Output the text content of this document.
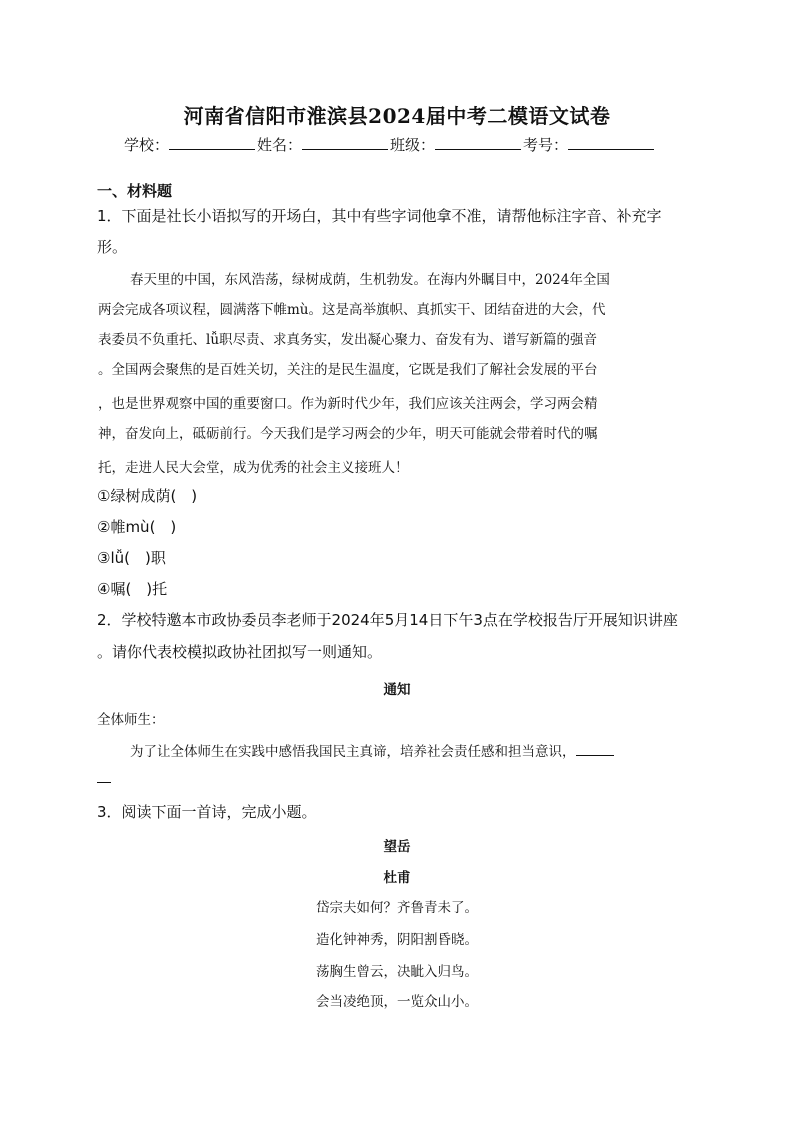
河南省信阳市淮滨县2024届中考二模语文试卷
学校：	姓名：	班级：	考号：
一、材料题
1．下面是社长小语拟写的开场白，其中有些字词他拿不准，请帮他标注字音、补充字
形。
春天里的中国，东风浩荡，绿树成荫，生机勃发。在海内外瞩目中，2024年全国
两会完成各项议程，圆满落下帷mù。这是高举旗帜、真抓实干、团结奋进的大会，代
表委员不负重托、lǚ职尽责、求真务实，发出凝心聚力、奋发有为、谱写新篇的强音
。全国两会聚焦的是百姓关切，关注的是民生温度，它既是我们了解社会发展的平台
，也是世界观察中国的重要窗口。作为新时代少年，我们应该关注两会，学习两会精
神，奋发向上，砥砺前行。今天我们是学习两会的少年，明天可能就会带着时代的嘱
托，走进人民大会堂，成为优秀的社会主义接班人！
①绿树成荫(　)
②帷mù(　)
③lǚ(　)职
④嘱(　)托
2．学校特邀本市政协委员李老师于2024年5月14日下午3点在学校报告厅开展知识讲座
。请你代表校模拟政协社团拟写一则通知。
通知
全体师生：
为了让全体师生在实践中感悟我国民主真谛，培养社会责任感和担当意识，
3．阅读下面一首诗，完成小题。
望岳
杜甫
岱宗夫如何？齐鲁青未了。
造化钟神秀，阴阳割昏晓。
荡胸生曾云，决眦入归鸟。
会当凌绝顶，一览众山小。
